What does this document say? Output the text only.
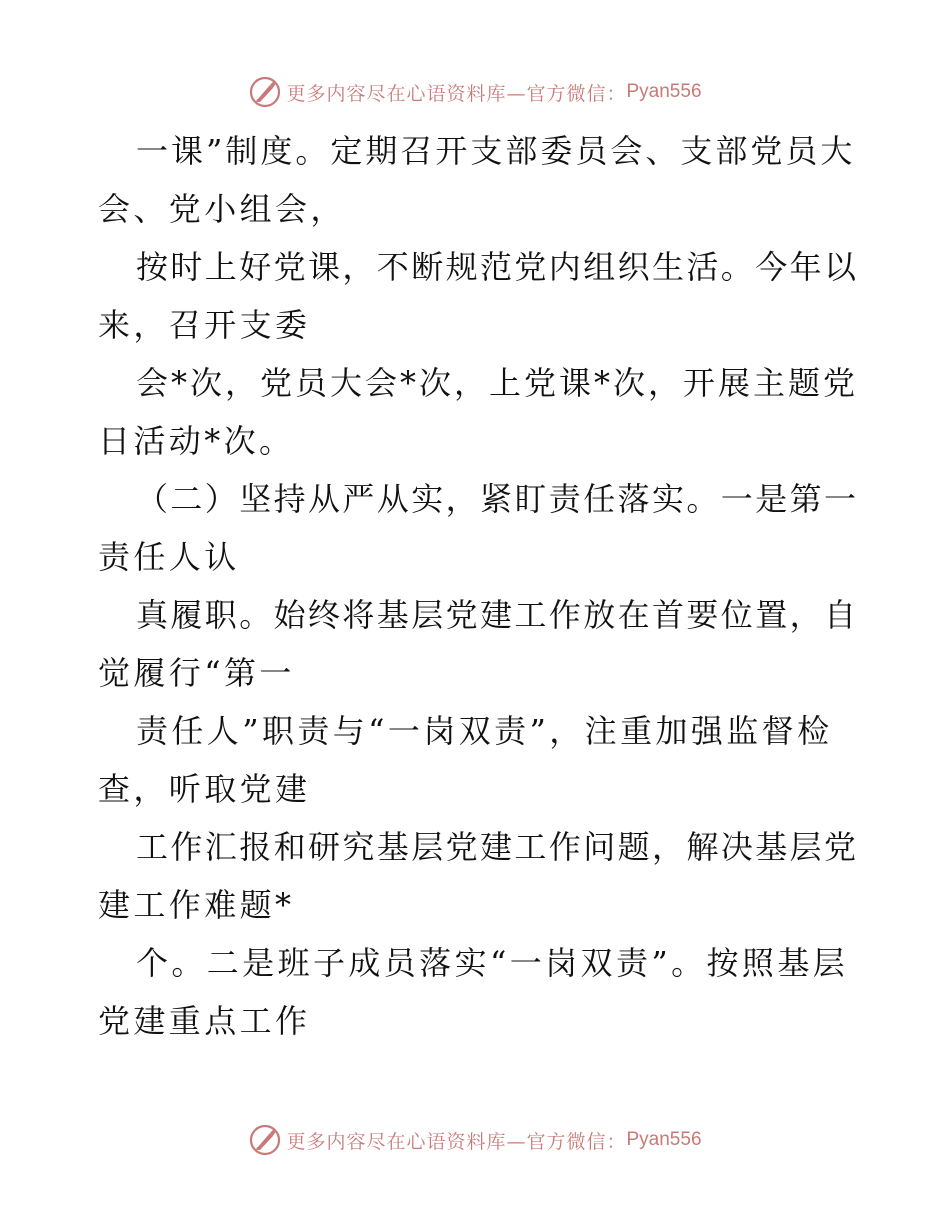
更多内容尽在心语资料库—官方微信： Pyan556
一课”制度。定期召开支部委员会、支部党员大
会、党小组会，
按时上好党课，不断规范党内组织生活。今年以
来，召开支委
会*次，党员大会*次，上党课*次，开展主题党
日活动*次。
（二）坚持从严从实，紧盯责任落实。一是第一
责任人认
真履职。始终将基层党建工作放在首要位置，自
觉履行“第一
责任人”职责与“一岗双责”，注重加强监督检
查，听取党建
工作汇报和研究基层党建工作问题，解决基层党
建工作难题*
个。二是班子成员落实“一岗双责”。按照基层
党建重点工作
更多内容尽在心语资料库—官方微信： Pyan556
